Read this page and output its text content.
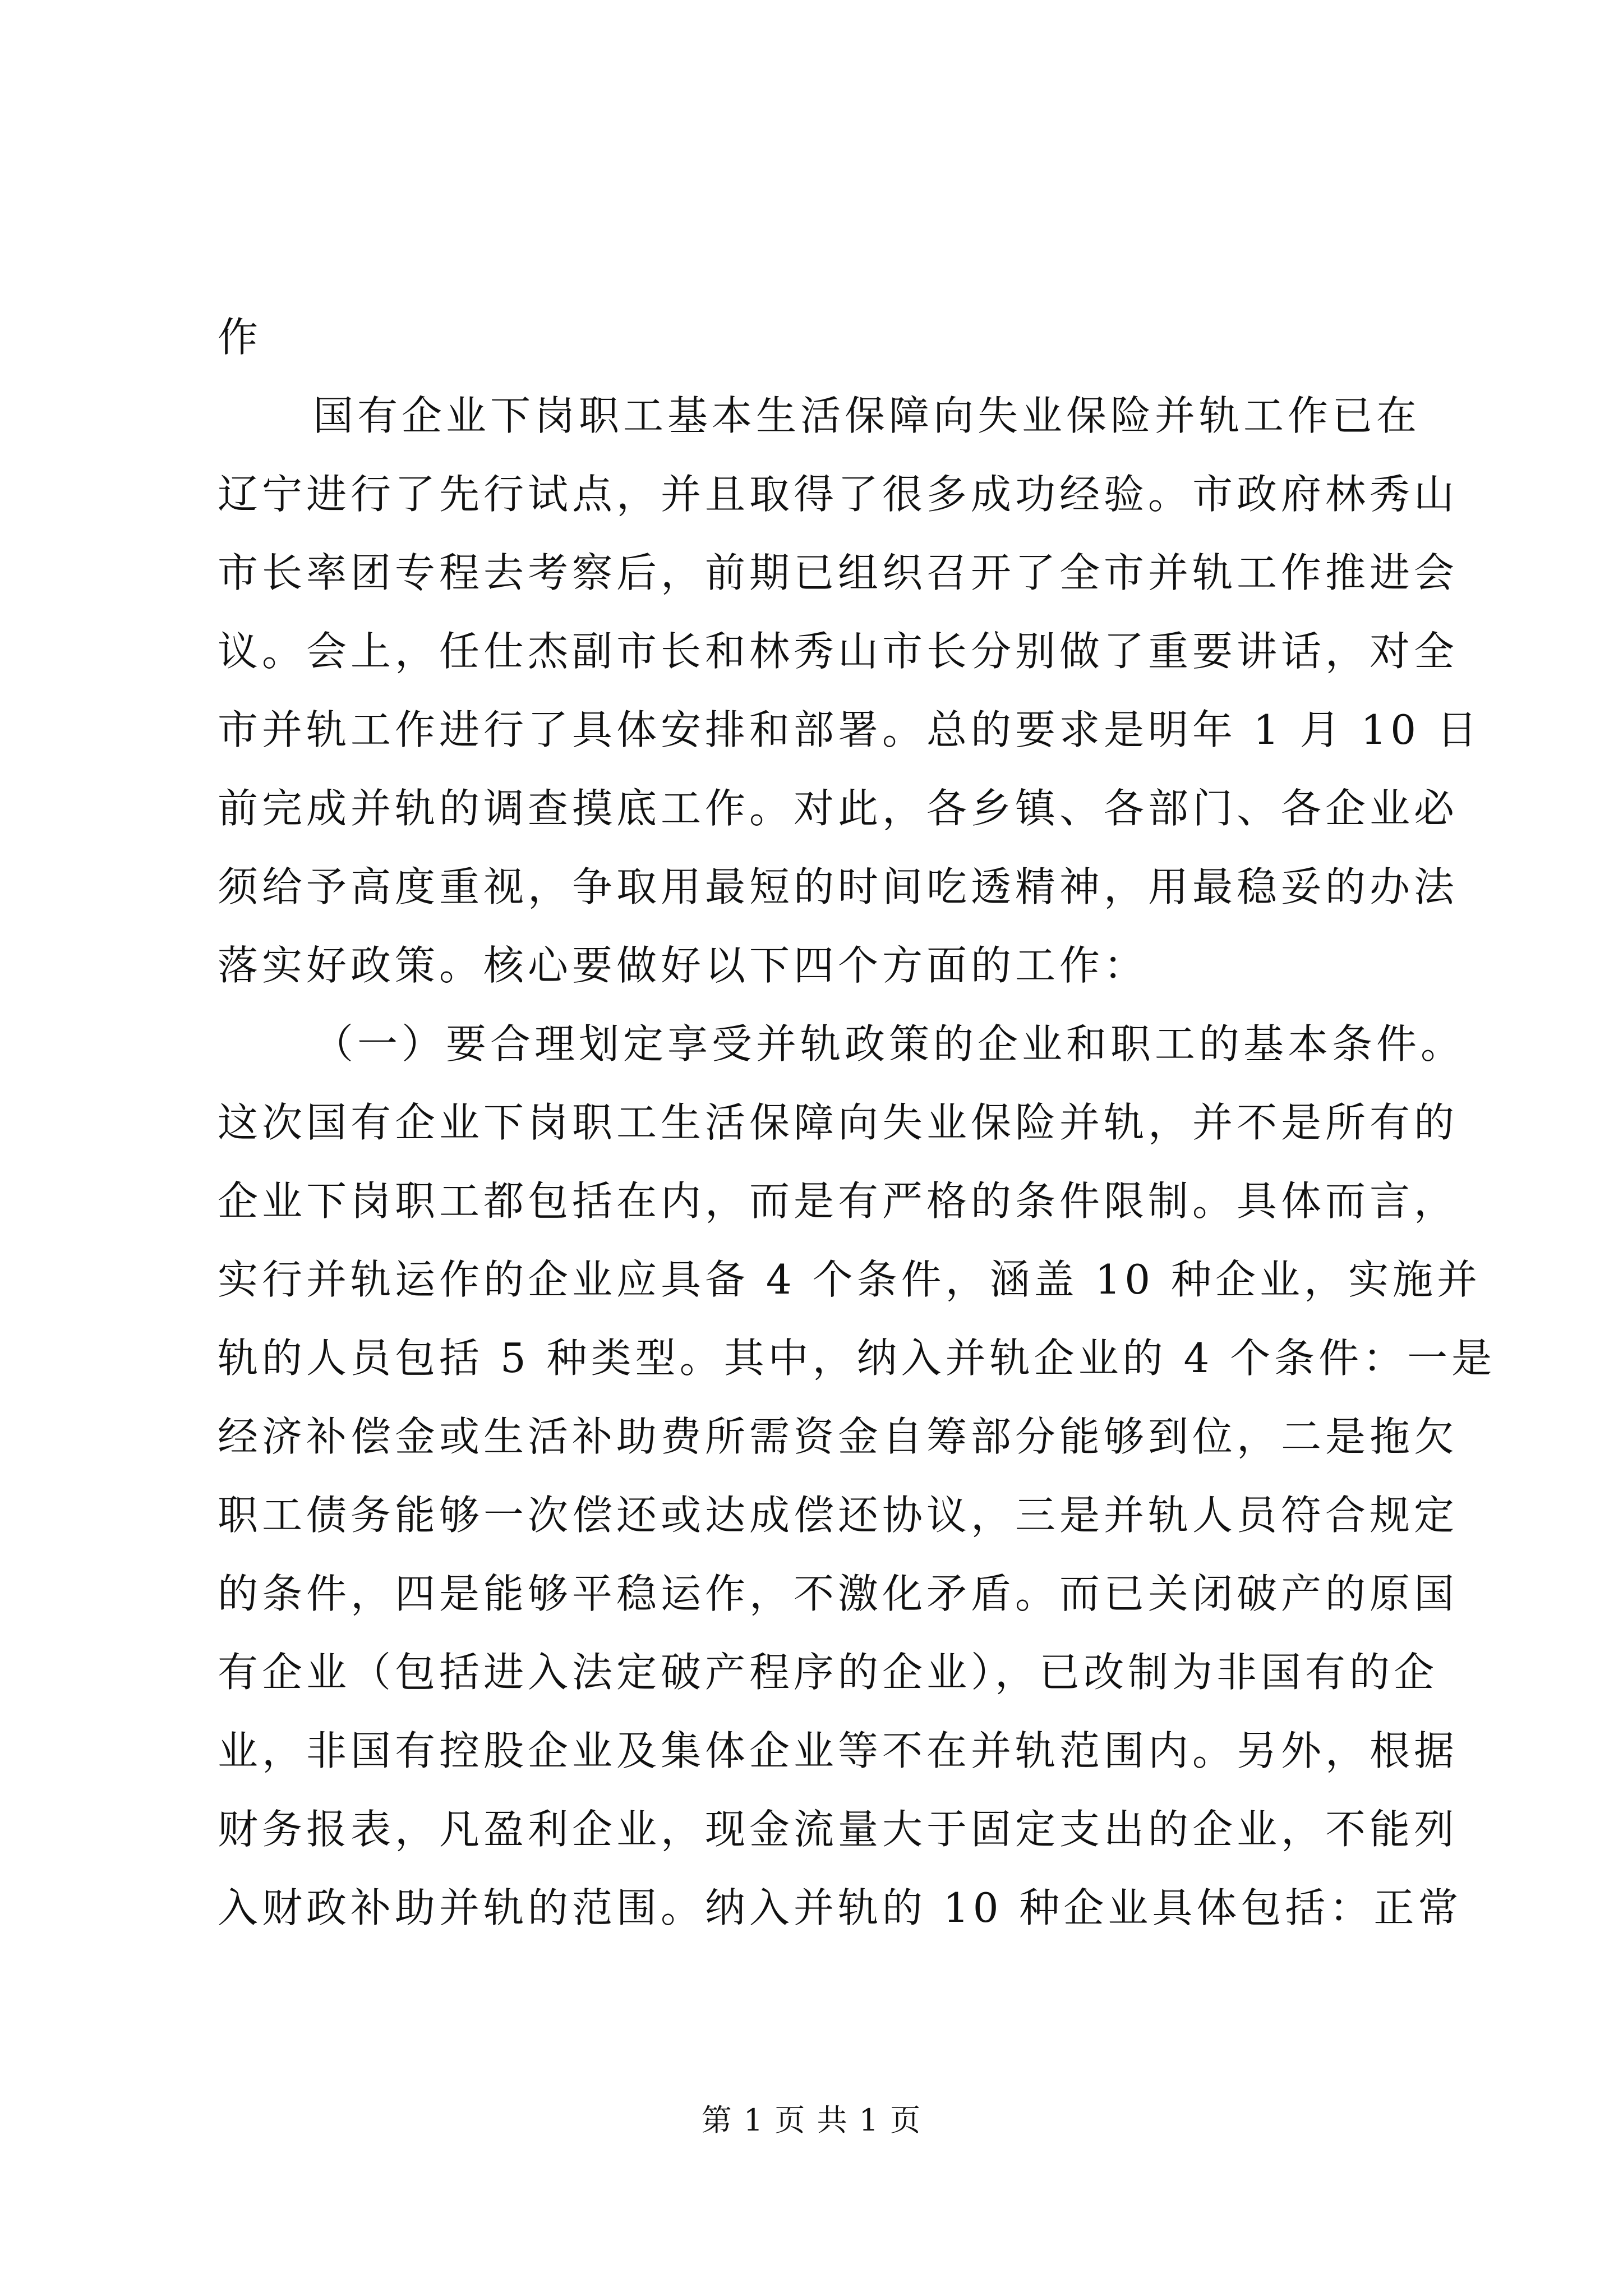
作
国有企业下岗职工基本生活保障向失业保险并轨工作已在
辽宁进行了先行试点，并且取得了很多成功经验。市政府林秀山
市长率团专程去考察后，前期已组织召开了全市并轨工作推进会
议。会上，任仕杰副市长和林秀山市长分别做了重要讲话，对全
市并轨工作进行了具体安排和部署。总的要求是明年 1 月 10 日
前完成并轨的调查摸底工作。对此，各乡镇、各部门、各企业必
须给予高度重视，争取用最短的时间吃透精神，用最稳妥的办法
落实好政策。核心要做好以下四个方面的工作：
（一）要合理划定享受并轨政策的企业和职工的基本条件。
这次国有企业下岗职工生活保障向失业保险并轨，并不是所有的
企业下岗职工都包括在内，而是有严格的条件限制。具体而言，
实行并轨运作的企业应具备 4 个条件，涵盖 10 种企业，实施并
轨的人员包括 5 种类型。其中，纳入并轨企业的 4 个条件：一是
经济补偿金或生活补助费所需资金自筹部分能够到位，二是拖欠
职工债务能够一次偿还或达成偿还协议，三是并轨人员符合规定
的条件，四是能够平稳运作，不激化矛盾。而已关闭破产的原国
有企业（包括进入法定破产程序的企业），已改制为非国有的企
业，非国有控股企业及集体企业等不在并轨范围内。另外，根据
财务报表，凡盈利企业，现金流量大于固定支出的企业，不能列
入财政补助并轨的范围。纳入并轨的 10 种企业具体包括：正常
第 1 页 共 1 页
